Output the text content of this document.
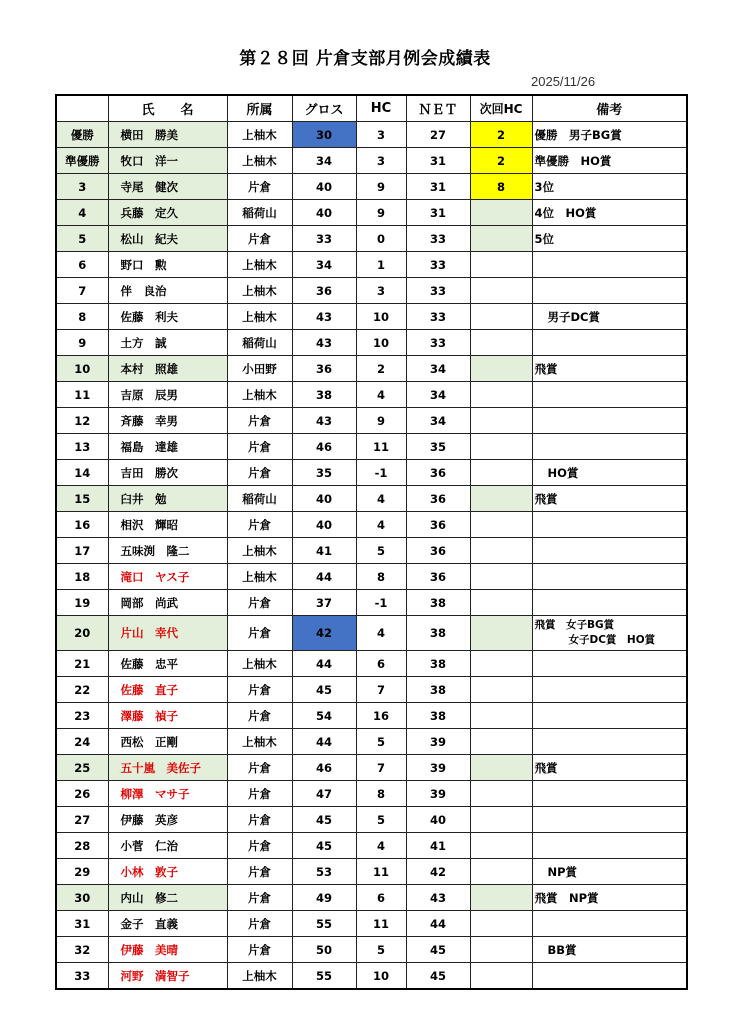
第２８回 片倉支部月例会成績表
2025/11/26
	氏　　名	所属	グロス	HC	ＮＥＴ	次回HC	備考
優勝	横田　勝美	上柚木	30	3	27	2	優勝　男子BG賞
準優勝	牧口　洋一	上柚木	34	3	31	2	準優勝　HO賞
3	寺尾　健次	片倉	40	9	31	8	3位
4	兵藤　定久	稲荷山	40	9	31		4位　HO賞
5	松山　紀夫	片倉	33	0	33		5位
6	野口　勲	上柚木	34	1	33		
7	伴　良治	上柚木	36	3	33		
8	佐藤　利夫	上柚木	43	10	33		男子DC賞
9	土方　誠	稲荷山	43	10	33		
10	本村　照雄	小田野	36	2	34		飛賞
11	吉原　辰男	上柚木	38	4	34		
12	斉藤　幸男	片倉	43	9	34		
13	福島　達雄	片倉	46	11	35		
14	吉田　勝次	片倉	35	-1	36		HO賞
15	臼井　勉	稲荷山	40	4	36		飛賞
16	相沢　輝昭	片倉	40	4	36		
17	五味渕　隆二	上柚木	41	5	36		
18	滝口　ヤス子	上柚木	44	8	36		
19	岡部　尚武	片倉	37	-1	38		
20	片山　幸代	片倉	42	4	38		飛賞　女子BG賞
女子DC賞　HO賞

21	佐藤　忠平	上柚木	44	6	38		
22	佐藤　直子	片倉	45	7	38		
23	澤藤　禎子	片倉	54	16	38		
24	西松　正剛	上柚木	44	5	39		
25	五十嵐　美佐子	片倉	46	7	39		飛賞
26	柳澤　マサ子	片倉	47	8	39		
27	伊藤　英彦	片倉	45	5	40		
28	小菅　仁治	片倉	45	4	41		
29	小林　敦子	片倉	53	11	42		NP賞
30	内山　修二	片倉	49	6	43		飛賞　NP賞
31	金子　直義	片倉	55	11	44		
32	伊藤　美晴	片倉	50	5	45		BB賞
33	河野　満智子	上柚木	55	10	45		
